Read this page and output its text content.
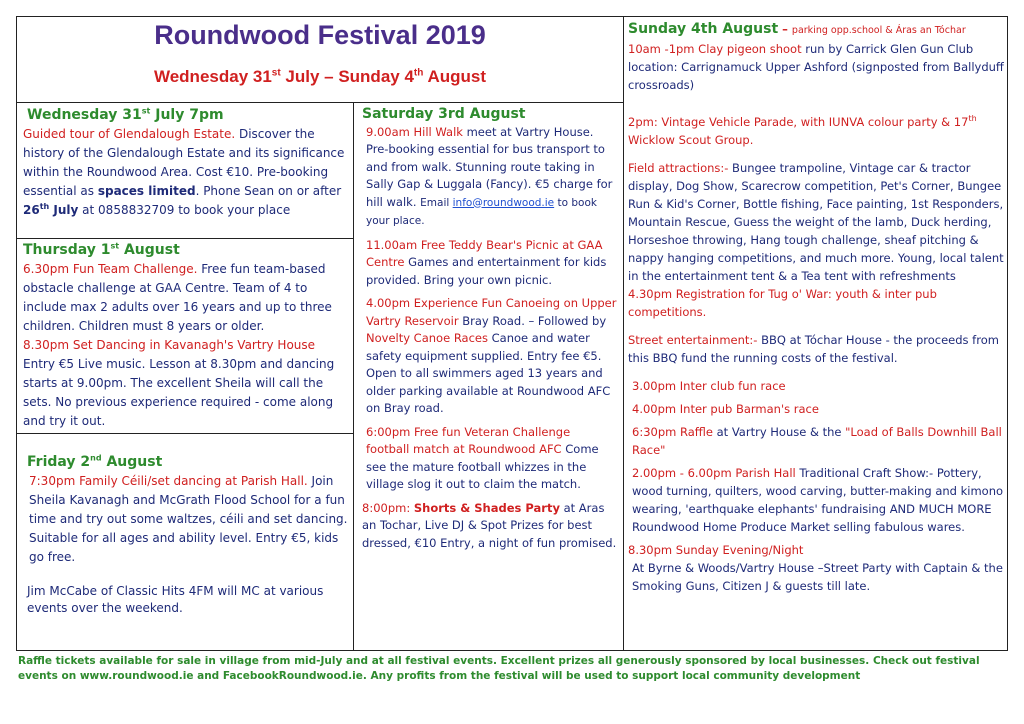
Roundwood Festival 2019
Wednesday 31st July – Sunday 4th August
Wednesday 31st July 7pm
Guided tour of Glendalough Estate. Discover the history of the Glendalough Estate and its significance within the Roundwood Area. Cost €10. Pre-booking essential as spaces limited. Phone Sean on or after 26th July at 0858832709 to book your place
Thursday 1st August
6.30pm Fun Team Challenge. Free fun team-based obstacle challenge at GAA Centre. Team of 4 to include max 2 adults over 16 years and up to three children. Children must 8 years or older.
8.30pm Set Dancing in Kavanagh's Vartry House Entry €5 Live music. Lesson at 8.30pm and dancing starts at 9.00pm. The excellent Sheila will call the sets. No previous experience required - come along and try it out.
Friday 2nd August
7:30pm Family Céili/set dancing at Parish Hall. Join Sheila Kavanagh and McGrath Flood School for a fun time and try out some waltzes, céili and set dancing. Suitable for all ages and ability level. Entry €5, kids go free.
Jim McCabe of Classic Hits 4FM will MC at various events over the weekend.
Saturday 3rd August
9.00am Hill Walk meet at Vartry House. Pre-booking essential for bus transport to and from walk. Stunning route taking in Sally Gap & Luggala (Fancy). €5 charge for hill walk. Email info@roundwood.ie to book your place.
11.00am Free Teddy Bear's Picnic at GAA Centre Games and entertainment for kids provided. Bring your own picnic.
4.00pm Experience Fun Canoeing on Upper Vartry Reservoir Bray Road. – Followed by Novelty Canoe Races Canoe and water safety equipment supplied. Entry fee €5. Open to all swimmers aged 13 years and older parking available at Roundwood AFC on Bray road.
6:00pm Free fun Veteran Challenge football match at Roundwood AFC Come see the mature football whizzes in the village slog it out to claim the match.
8:00pm: Shorts & Shades Party at Aras an Tochar, Live DJ & Spot Prizes for best dressed, €10 Entry, a night of fun promised.
Sunday 4th August – parking opp.school & Áras an Tóchar
10am -1pm Clay pigeon shoot run by Carrick Glen Gun Club location: Carrignamuck Upper Ashford (signposted from Ballyduff crossroads)
2pm: Vintage Vehicle Parade, with IUNVA colour party & 17th Wicklow Scout Group.
Field attractions:- Bungee trampoline, Vintage car & tractor display, Dog Show, Scarecrow competition, Pet's Corner, Bungee Run & Kid's Corner, Bottle fishing, Face painting, 1st Responders, Mountain Rescue, Guess the weight of the lamb, Duck herding, Horseshoe throwing, Hang tough challenge, sheaf pitching & nappy hanging competitions, and much more. Young, local talent in the entertainment tent & a Tea tent with refreshments
4.30pm Registration for Tug o' War: youth & inter pub competitions.
Street entertainment:- BBQ at Tóchar House - the proceeds from this BBQ fund the running costs of the festival.
3.00pm Inter club fun race
4.00pm Inter pub Barman's race
6:30pm Raffle at Vartry House & the "Load of Balls Downhill Ball Race"
2.00pm - 6.00pm Parish Hall Traditional Craft Show:- Pottery, wood turning, quilters, wood carving, butter-making and kimono wearing, 'earthquake elephants' fundraising AND MUCH MORE Roundwood Home Produce Market selling fabulous wares.
8.30pm Sunday Evening/Night
At Byrne & Woods/Vartry House –Street Party with Captain & the Smoking Guns, Citizen J & guests till late.
Raffle tickets available for sale in village from mid-July and at all festival events. Excellent prizes all generously sponsored by local businesses. Check out festival events on www.roundwood.ie and FacebookRoundwood.ie. Any profits from the festival will be used to support local community development
